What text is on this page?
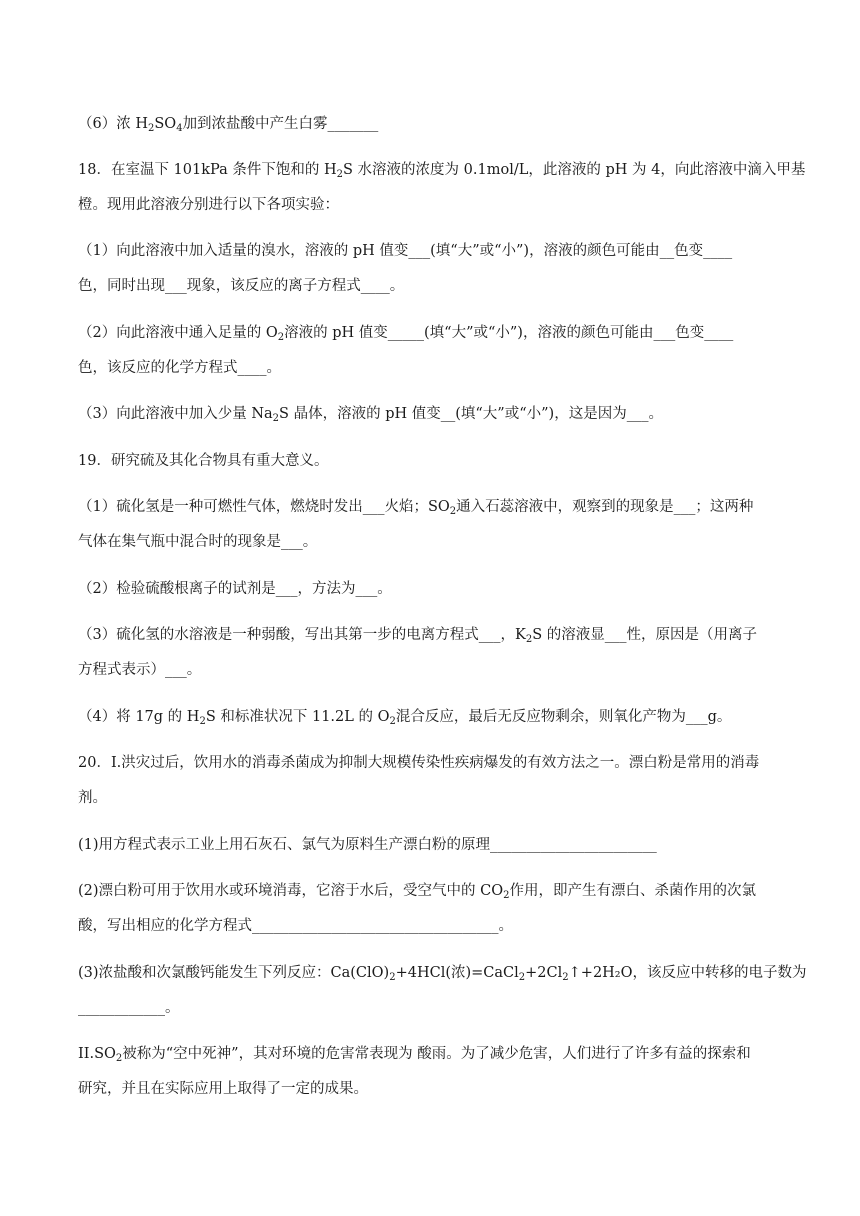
（6）浓 $H_2SO_4$加到浓盐酸中产生白雾_______
18．在室温下 101kPa 条件下饱和的 $H_2S$ 水溶液的浓度为 0.1mol/L，此溶液的 pH 为 4，向此溶液中滴入甲基
橙。现用此溶液分别进行以下各项实验：
（1）向此溶液中加入适量的溴水，溶液的 pH 值变___(填“大”或“小”)，溶液的颜色可能由__色变____
色，同时出现___现象，该反应的离子方程式____。
（2）向此溶液中通入足量的 $O_2$溶液的 pH 值变_____(填“大”或“小”)，溶液的颜色可能由___色变____
色，该反应的化学方程式____。
（3）向此溶液中加入少量 $Na_2S$ 晶体，溶液的 pH 值变__(填“大”或“小”)，这是因为___。
19．研究硫及其化合物具有重大意义。
（1）硫化氢是一种可燃性气体，燃烧时发出___火焰；$SO_2$通入石蕊溶液中，观察到的现象是___；这两种
气体在集气瓶中混合时的现象是___。
（2）检验硫酸根离子的试剂是___，方法为___。
（3）硫化氢的水溶液是一种弱酸，写出其第一步的电离方程式___，$K_2S$ 的溶液显___性，原因是（用离子
方程式表示）___。
（4）将 17g 的 $H_2S$ 和标准状况下 11.2L 的 $O_2$混合反应，最后无反应物剩余，则氧化产物为___g。
20．I.洪灾过后，饮用水的消毒杀菌成为抑制大规模传染性疾病爆发的有效方法之一。漂白粉是常用的消毒
剂。
(1)用方程式表示工业上用石灰石、氯气为原料生产漂白粉的原理_______________________
(2)漂白粉可用于饮用水或环境消毒，它溶于水后，受空气中的 $CO_2$作用，即产生有漂白、杀菌作用的次氯
酸，写出相应的化学方程式__________________________________。
(3)浓盐酸和次氯酸钙能发生下列反应：$Ca(ClO)_2+4HCl$(浓)$=CaCl_2+2Cl_2↑+2H_2O$，该反应中转移的电子数为
____________。
$II.SO_2$被称为“空中死神”，其对环境的危害常表现为 酸雨。为了减少危害，人们进行了许多有益的探索和
研究，并且在实际应用上取得了一定的成果。
